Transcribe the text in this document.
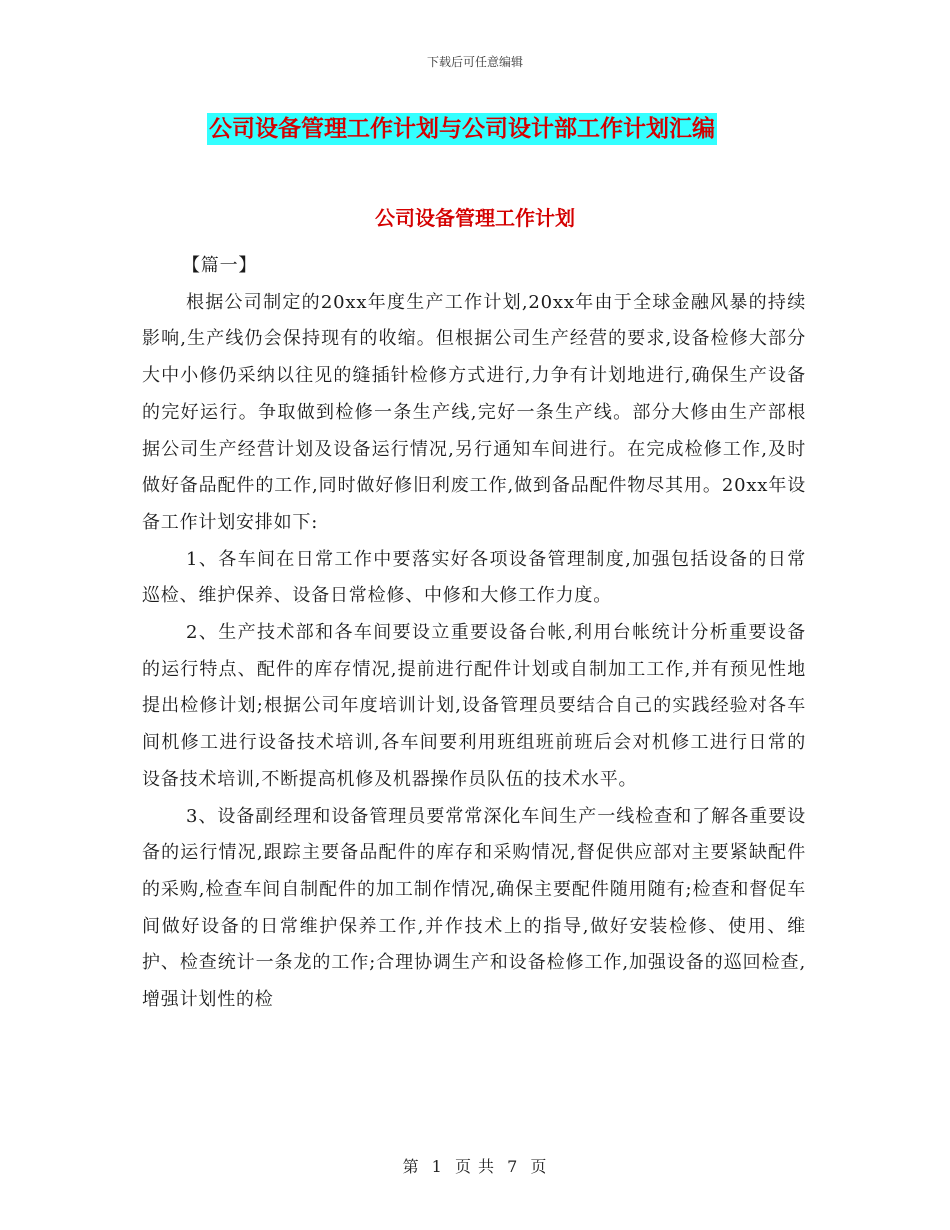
下载后可任意编辑
公司设备管理工作计划与公司设计部工作计划汇编
公司设备管理工作计划

【篇一】

根据公司制定的20xx年度生产工作计划,20xx年由于全球金融风暴的持续影响,生产线仍会保持现有的收缩。但根据公司生产经营的要求,设备检修大部分大中小修仍采纳以往见的缝插针检修方式进行,力争有计划地进行,确保生产设备的完好运行。争取做到检修一条生产线,完好一条生产线。部分大修由生产部根据公司生产经营计划及设备运行情况,另行通知车间进行。在完成检修工作,及时做好备品配件的工作,同时做好修旧利废工作,做到备品配件物尽其用。20xx年设备工作计划安排如下:

1、各车间在日常工作中要落实好各项设备管理制度,加强包括设备的日常巡检、维护保养、设备日常检修、中修和大修工作力度。

2、生产技术部和各车间要设立重要设备台帐,利用台帐统计分析重要设备的运行特点、配件的库存情况,提前进行配件计划或自制加工工作,并有预见性地提出检修计划;根据公司年度培训计划,设备管理员要结合自己的实践经验对各车间机修工进行设备技术培训,各车间要利用班组班前班后会对机修工进行日常的设备技术培训,不断提高机修及机器操作员队伍的技术水平。

3、设备副经理和设备管理员要常常深化车间生产一线检查和了解各重要设备的运行情况,跟踪主要备品配件的库存和采购情况,督促供应部对主要紧缺配件的采购,检查车间自制配件的加工制作情况,确保主要配件随用随有;检查和督促车间做好设备的日常维护保养工作,并作技术上的指导,做好安装检修、使用、维护、检查统计一条龙的工作;合理协调生产和设备检修工作,加强设备的巡回检查,增强计划性的检

第 1 页 共 7 页
